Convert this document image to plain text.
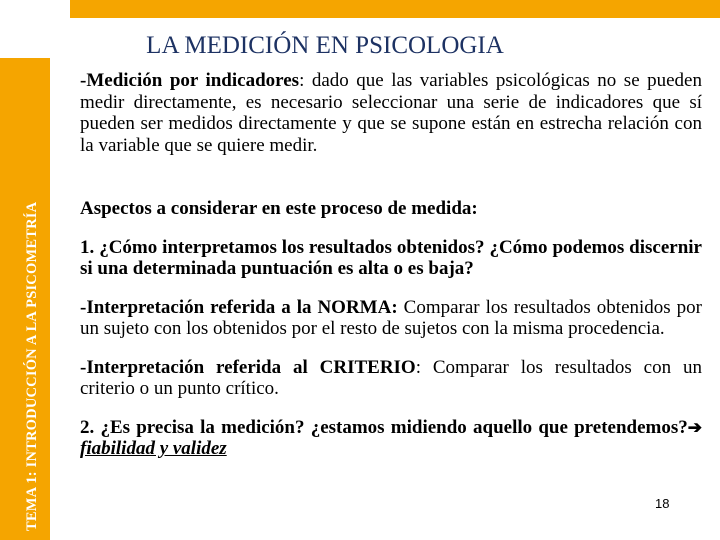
TEMA 1: INTRODUCCIÓN A LA PSICOMETRÍA
LA MEDICIÓN EN PSICOLOGIA

-Medición por indicadores: dado que las variables psicológicas no se pueden medir directamente, es necesario seleccionar una serie de indicadores que sí pueden ser medidos directamente y que se supone están en estrecha relación con la variable que se quiere medir.

Aspectos a considerar en este proceso de medida:

1. ¿Cómo interpretamos los resultados obtenidos? ¿Cómo podemos discernir si una determinada puntuación es alta o es baja?

-Interpretación referida a la NORMA: Comparar los resultados obtenidos por un sujeto con los obtenidos por el resto de sujetos con la misma procedencia.

-Interpretación referida al CRITERIO: Comparar los resultados con un criterio o un punto crítico.

2. ¿Es precisa la medición? ¿estamos midiendo aquello que pretendemos?➔ fiabilidad y validez

18
